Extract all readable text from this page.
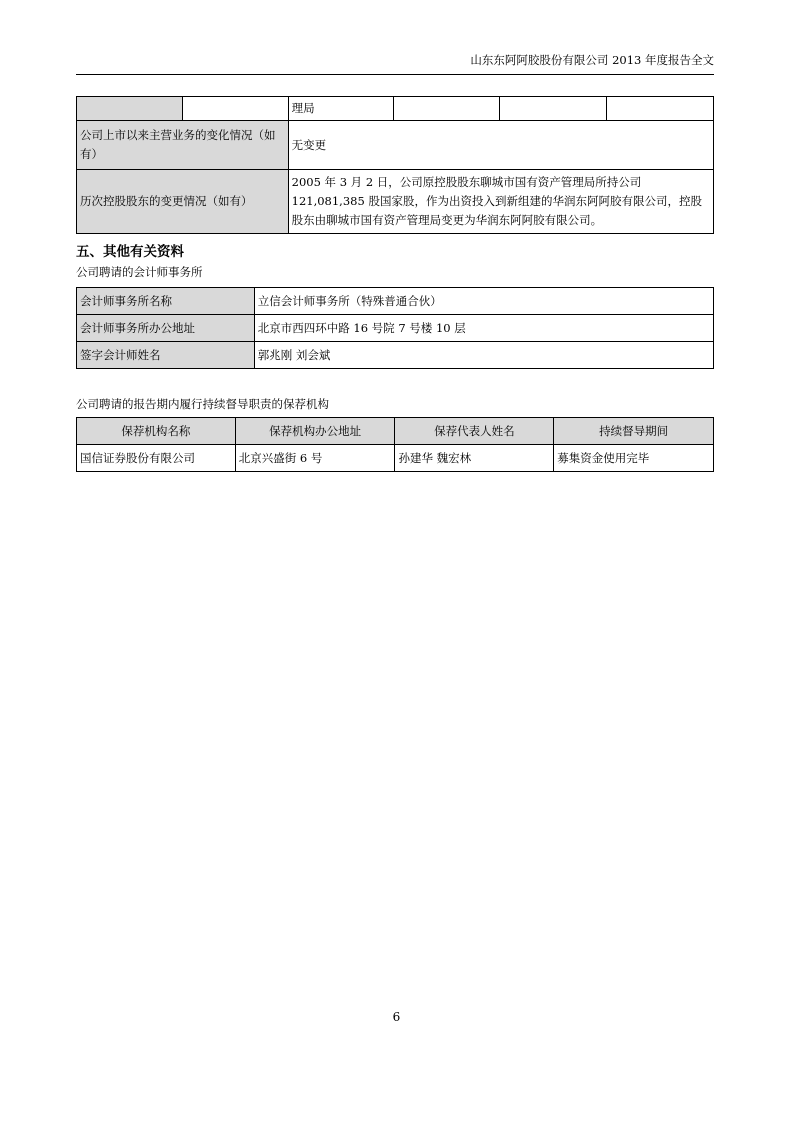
山东东阿阿胶股份有限公司 2013 年度报告全文
		理局			
公司上市以来主营业务的变化情况（如有）		无变更			
历次控股股东的变更情况（如有）		2005 年 3 月 2 日，公司原控股股东聊城市国有资产管理局所持公司 121,081,385 股国家股，作为出资投入到新组建的华润东阿阿胶有限公司，控股股东由聊城市国有资产管理局变更为华润东阿阿胶有限公司。			
五、其他有关资料
公司聘请的会计师事务所
会计师事务所名称	立信会计师事务所（特殊普通合伙）
会计师事务所办公地址	北京市西四环中路 16 号院 7 号楼 10 层
签字会计师姓名	郭兆刚 刘会斌
公司聘请的报告期内履行持续督导职责的保荐机构
保荐机构名称	保荐机构办公地址	保荐代表人姓名	持续督导期间
国信证券股份有限公司	北京兴盛街 6 号	孙建华 魏宏林	募集资金使用完毕
6
